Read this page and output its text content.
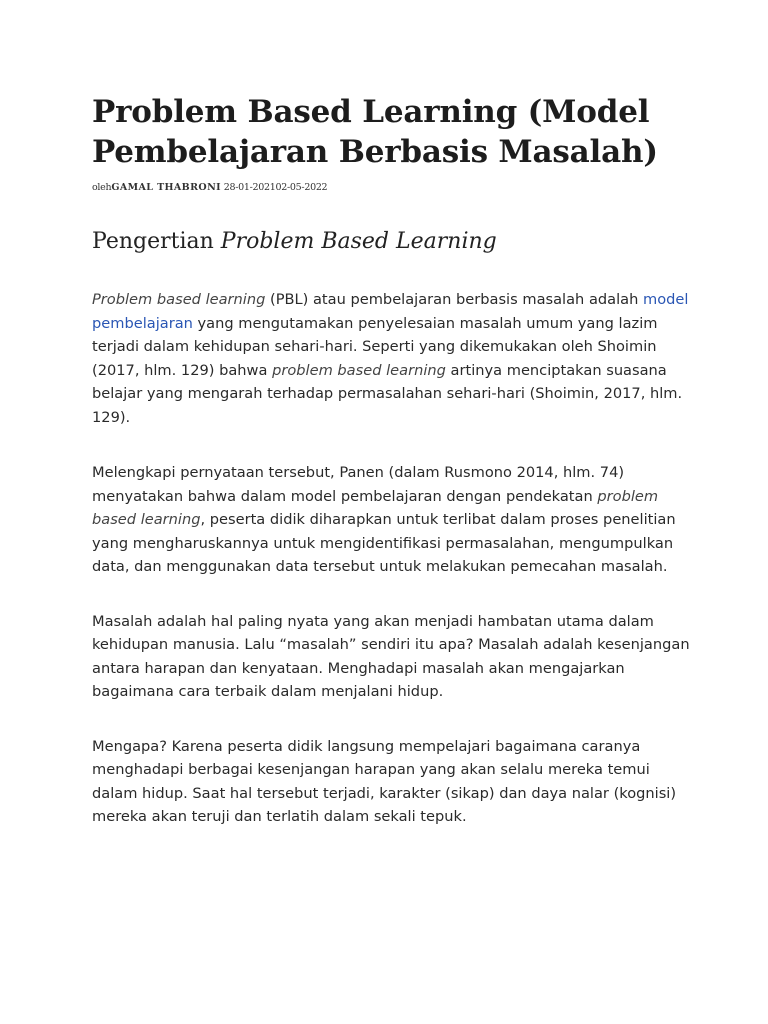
Problem Based Learning (Model Pembelajaran Berbasis Masalah)
olehGAMAL THABRONI 28-01-202102-05-2022
Pengertian Problem Based Learning

Problem based learning (PBL) atau pembelajaran berbasis masalah adalah model pembelajaran yang mengutamakan penyelesaian masalah umum yang lazim terjadi dalam kehidupan sehari-hari. Seperti yang dikemukakan oleh Shoimin (2017, hlm. 129) bahwa problem based learning artinya menciptakan suasana belajar yang mengarah terhadap permasalahan sehari-hari (Shoimin, 2017, hlm. 129).

Melengkapi pernyataan tersebut, Panen (dalam Rusmono 2014, hlm. 74) menyatakan bahwa dalam model pembelajaran dengan pendekatan problem based learning, peserta didik diharapkan untuk terlibat dalam proses penelitian yang mengharuskannya untuk mengidentifikasi permasalahan, mengumpulkan data, dan menggunakan data tersebut untuk melakukan pemecahan masalah.

Masalah adalah hal paling nyata yang akan menjadi hambatan utama dalam kehidupan manusia. Lalu “masalah” sendiri itu apa? Masalah adalah kesenjangan antara harapan dan kenyataan. Menghadapi masalah akan mengajarkan bagaimana cara terbaik dalam menjalani hidup.

Mengapa? Karena peserta didik langsung mempelajari bagaimana caranya menghadapi berbagai kesenjangan harapan yang akan selalu mereka temui dalam hidup. Saat hal tersebut terjadi, karakter (sikap) dan daya nalar (kognisi) mereka akan teruji dan terlatih dalam sekali tepuk.
